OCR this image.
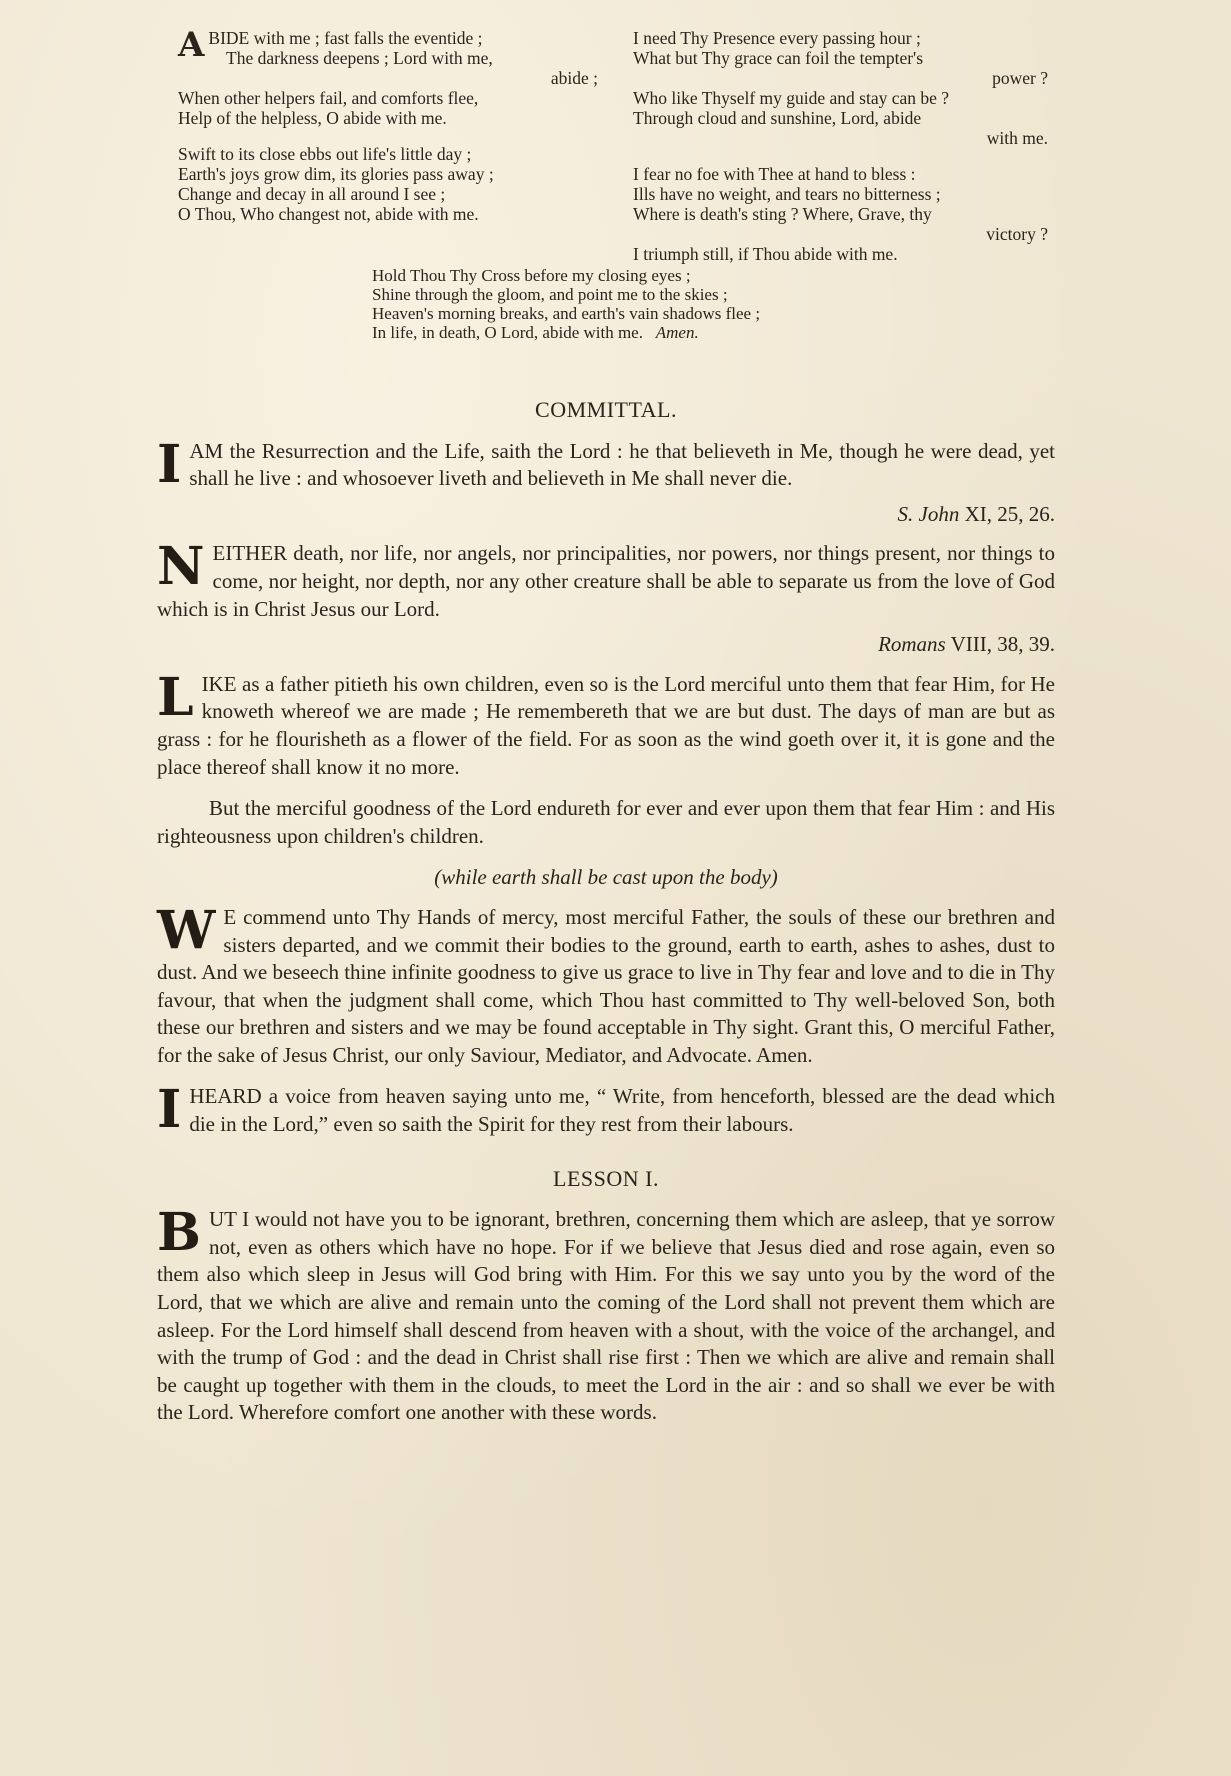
A BIDE with me ; fast falls the eventide ;
The darkness deepens ; Lord with me,
abide ;
When other helpers fail, and comforts flee,
Help of the helpless, O abide with me.
Swift to its close ebbs out life's little day ;
Earth's joys grow dim, its glories pass away ;
Change and decay in all around I see ;
O Thou, Who changest not, abide with me.
I need Thy Presence every passing hour ;
What but Thy grace can foil the tempter's
power ?
Who like Thyself my guide and stay can be ?
Through cloud and sunshine, Lord, abide
with me.
I fear no foe with Thee at hand to bless :
Ills have no weight, and tears no bitterness ;
Where is death's sting ? Where, Grave, thy
victory ?
I triumph still, if Thou abide with me.
Hold Thou Thy Cross before my closing eyes ;
Shine through the gloom, and point me to the skies ;
Heaven's morning breaks, and earth's vain shadows flee ;
In life, in death, O Lord, abide with me. Amen.
COMMITTAL.

IAM the Resurrection and the Life, saith the Lord : he that believeth in Me, though he were dead, yet shall he live : and whosoever liveth and believeth in Me shall never die.

S. John XI, 25, 26.

NEITHER death, nor life, nor angels, nor principalities, nor powers, nor things present, nor things to come, nor height, nor depth, nor any other creature shall be able to separate us from the love of God which is in Christ Jesus our Lord.

Romans VIII, 38, 39.

LIKE as a father pitieth his own children, even so is the Lord merciful unto them that fear Him, for He knoweth whereof we are made ; He remembereth that we are but dust. The days of man are but as grass : for he flourisheth as a flower of the field. For as soon as the wind goeth over it, it is gone and the place thereof shall know it no more.

But the merciful goodness of the Lord endureth for ever and ever upon them that fear Him : and His righteousness upon children's children.

(while earth shall be cast upon the body)

W E commend unto Thy Hands of mercy, most merciful Father, the souls of these our brethren and sisters departed, and we commit their bodies to the ground, earth to earth, ashes to ashes, dust to dust. And we beseech thine infinite goodness to give us grace to live in Thy fear and love and to die in Thy favour, that when the judgment shall come, which Thou hast committed to Thy well-beloved Son, both these our brethren and sisters and we may be found acceptable in Thy sight. Grant this, O merciful Father, for the sake of Jesus Christ, our only Saviour, Mediator, and Advocate. Amen.

IHEARD a voice from heaven saying unto me, “ Write, from henceforth, blessed are the dead which die in the Lord,” even so saith the Spirit for they rest from their labours.

LESSON I.

BUT I would not have you to be ignorant, brethren, concerning them which are asleep, that ye sorrow not, even as others which have no hope. For if we believe that Jesus died and rose again, even so them also which sleep in Jesus will God bring with Him. For this we say unto you by the word of the Lord, that we which are alive and remain unto the coming of the Lord shall not prevent them which are asleep. For the Lord himself shall descend from heaven with a shout, with the voice of the archangel, and with the trump of God : and the dead in Christ shall rise first : Then we which are alive and remain shall be caught up together with them in the clouds, to meet the Lord in the air : and so shall we ever be with the Lord. Wherefore comfort one another with these words.
